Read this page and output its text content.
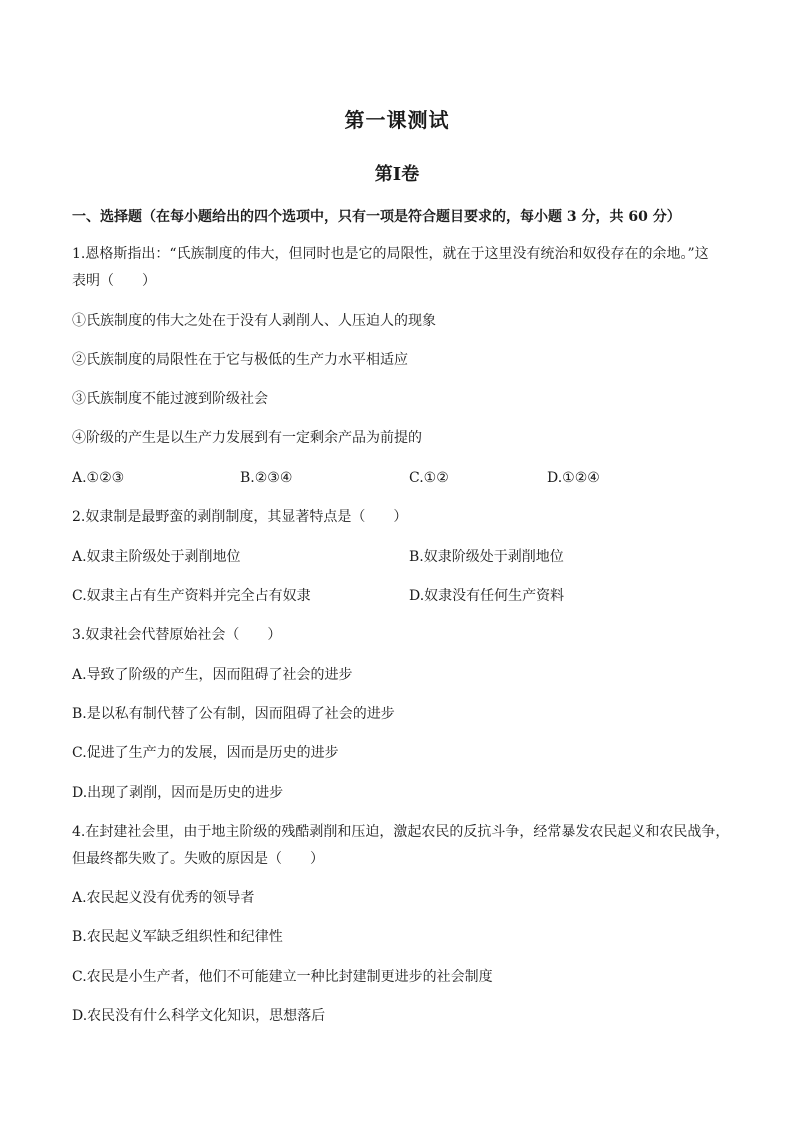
第一课测试
第Ⅰ卷
一、选择题（在每小题给出的四个选项中，只有一项是符合题目要求的，每小题 3 分，共 60 分）
1.恩格斯指出：“氏族制度的伟大，但同时也是它的局限性，就在于这里没有统治和奴役存在的余地。”这
表明（　　）
①氏族制度的伟大之处在于没有人剥削人、人压迫人的现象
②氏族制度的局限性在于它与极低的生产力水平相适应
③氏族制度不能过渡到阶级社会
④阶级的产生是以生产力发展到有一定剩余产品为前提的
A.①②③	B.②③④	C.①②	D.①②④
2.奴隶制是最野蛮的剥削制度，其显著特点是（　　）
A.奴隶主阶级处于剥削地位	B.奴隶阶级处于剥削地位
C.奴隶主占有生产资料并完全占有奴隶	D.奴隶没有任何生产资料
3.奴隶社会代替原始社会（　　）
A.导致了阶级的产生，因而阻碍了社会的进步
B.是以私有制代替了公有制，因而阻碍了社会的进步
C.促进了生产力的发展，因而是历史的进步
D.出现了剥削，因而是历史的进步
4.在封建社会里，由于地主阶级的残酷剥削和压迫，激起农民的反抗斗争，经常暴发农民起义和农民战争，
但最终都失败了。失败的原因是（　　）
A.农民起义没有优秀的领导者
B.农民起义军缺乏组织性和纪律性
C.农民是小生产者，他们不可能建立一种比封建制更进步的社会制度
D.农民没有什么科学文化知识，思想落后
